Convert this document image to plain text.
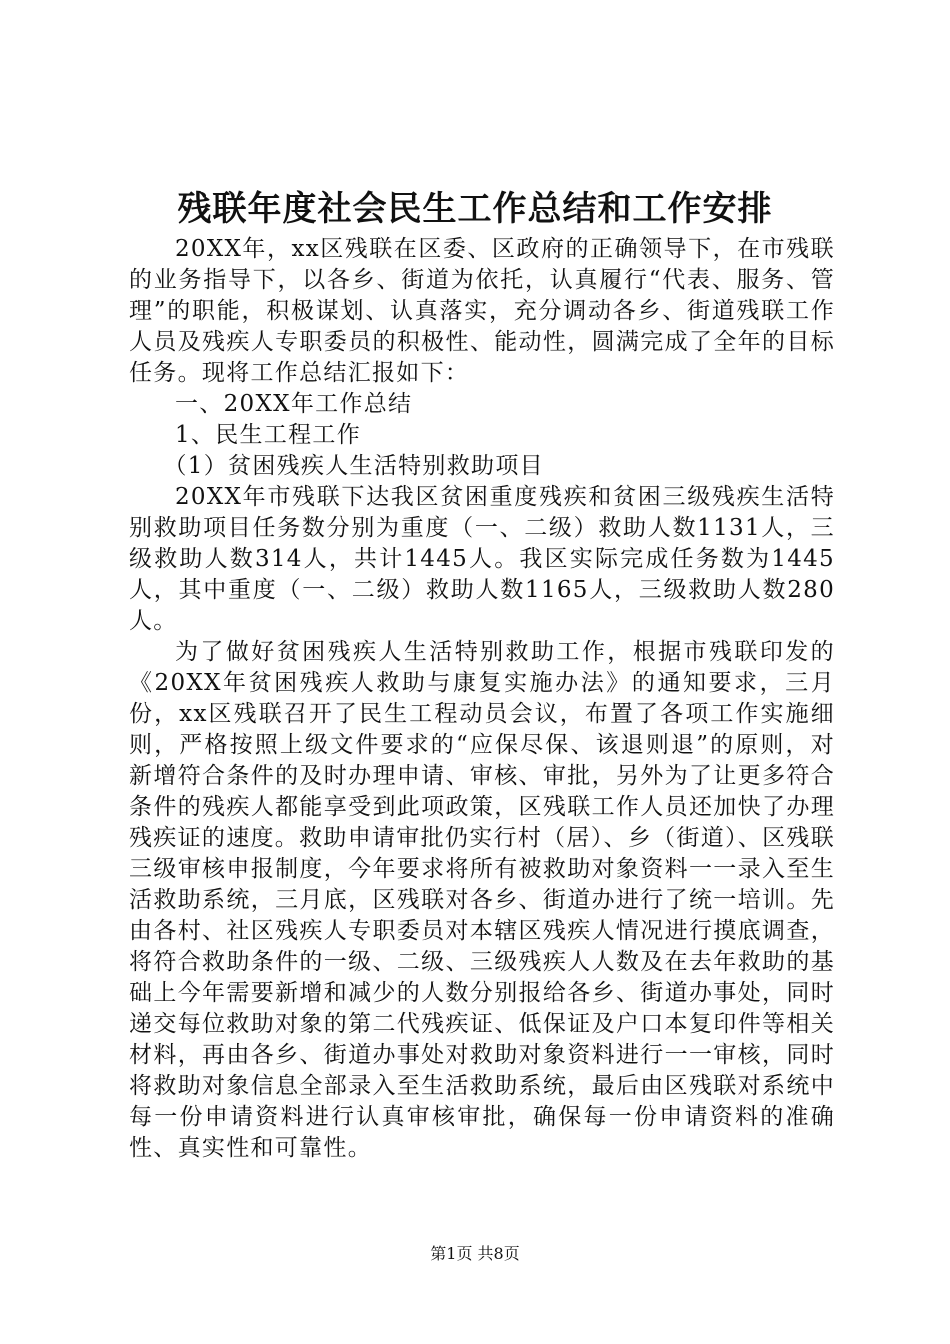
残联年度社会民生工作总结和工作安排

20XX年，xx区残联在区委、区政府的正确领导下，在市残联的业务指导下，以各乡、街道为依托，认真履行“代表、服务、管理”的职能，积极谋划、认真落实，充分调动各乡、街道残联工作人员及残疾人专职委员的积极性、能动性，圆满完成了全年的目标任务。现将工作总结汇报如下：

一、20XX年工作总结

1、民生工程工作

（1）贫困残疾人生活特别救助项目

20XX年市残联下达我区贫困重度残疾和贫困三级残疾生活特别救助项目任务数分别为重度（一、二级）救助人数1131人，三级救助人数314人，共计1445人。我区实际完成任务数为1445人，其中重度（一、二级）救助人数1165人，三级救助人数280人。

为了做好贫困残疾人生活特别救助工作，根据市残联印发的《20XX年贫困残疾人救助与康复实施办法》的通知要求，三月份，xx区残联召开了民生工程动员会议，布置了各项工作实施细则，严格按照上级文件要求的“应保尽保、该退则退”的原则，对新增符合条件的及时办理申请、审核、审批，另外为了让更多符合条件的残疾人都能享受到此项政策，区残联工作人员还加快了办理残疾证的速度。救助申请审批仍实行村（居）、乡（街道）、区残联三级审核申报制度，今年要求将所有被救助对象资料一一录入至生活救助系统，三月底，区残联对各乡、街道办进行了统一培训。先由各村、社区残疾人专职委员对本辖区残疾人情况进行摸底调查，将符合救助条件的一级、二级、三级残疾人人数及在去年救助的基础上今年需要新增和减少的人数分别报给各乡、街道办事处，同时递交每位救助对象的第二代残疾证、低保证及户口本复印件等相关材料，再由各乡、街道办事处对救助对象资料进行一一审核，同时将救助对象信息全部录入至生活救助系统，最后由区残联对系统中每一份申请资料进行认真审核审批，确保每一份申请资料的准确性、真实性和可靠性。

第1页 共8页
